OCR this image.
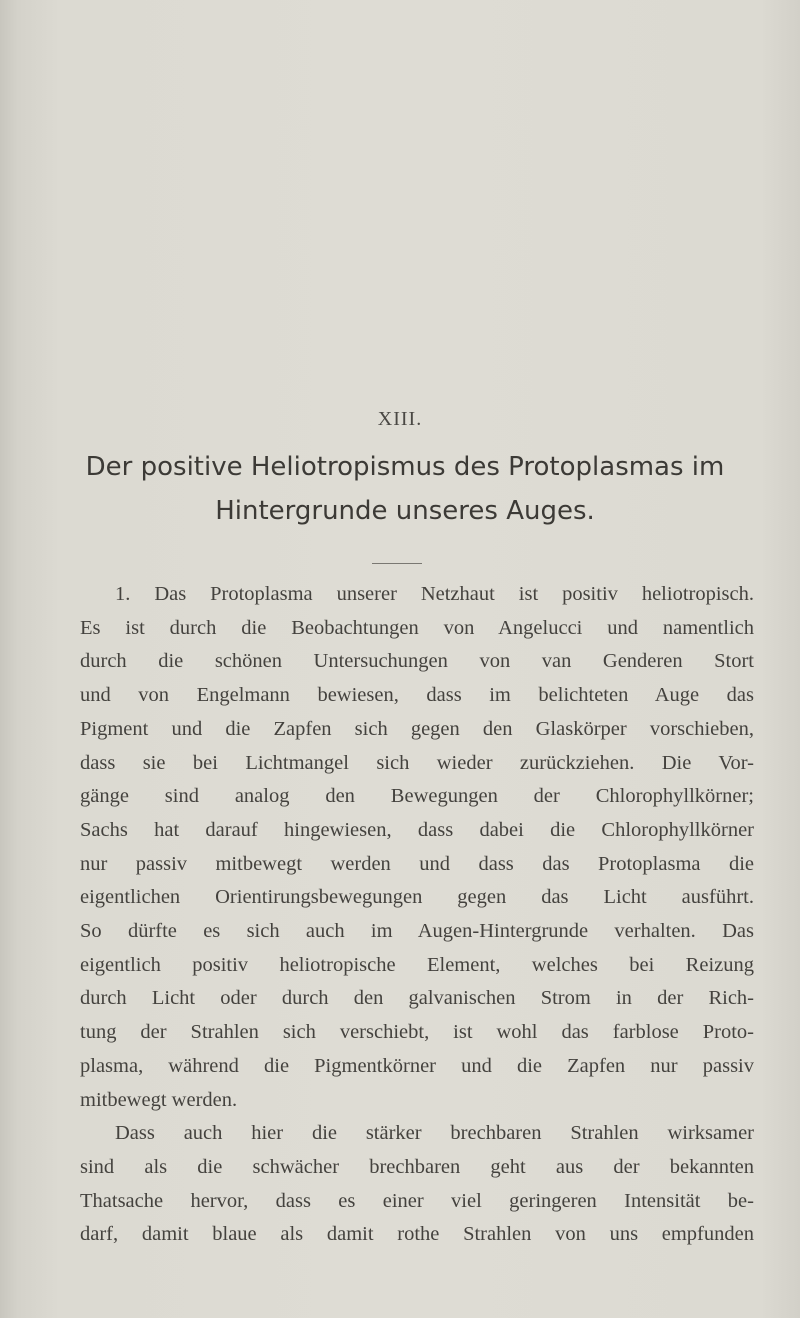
XIII.
Der positive Heliotropismus des Protoplasmas im
Hintergrunde unseres Auges.
1. Das Protoplasma unserer Netzhaut ist positiv heliotropisch.
Es ist durch die Beobachtungen von Angelucci und namentlich
durch die schönen Untersuchungen von van Genderen Stort
und von Engelmann bewiesen, dass im belichteten Auge das
Pigment und die Zapfen sich gegen den Glaskörper vorschieben,
dass sie bei Lichtmangel sich wieder zurückziehen. Die Vor-
gänge sind analog den Bewegungen der Chlorophyllkörner;
Sachs hat darauf hingewiesen, dass dabei die Chlorophyllkörner
nur passiv mitbewegt werden und dass das Protoplasma die
eigentlichen Orientirungsbewegungen gegen das Licht ausführt.
So dürfte es sich auch im Augen-Hintergrunde verhalten. Das
eigentlich positiv heliotropische Element, welches bei Reizung
durch Licht oder durch den galvanischen Strom in der Rich-
tung der Strahlen sich verschiebt, ist wohl das farblose Proto-
plasma, während die Pigmentkörner und die Zapfen nur passiv
mitbewegt werden.
Dass auch hier die stärker brechbaren Strahlen wirksamer
sind als die schwächer brechbaren geht aus der bekannten
Thatsache hervor, dass es einer viel geringeren Intensität be-
darf, damit blaue als damit rothe Strahlen von uns empfunden
